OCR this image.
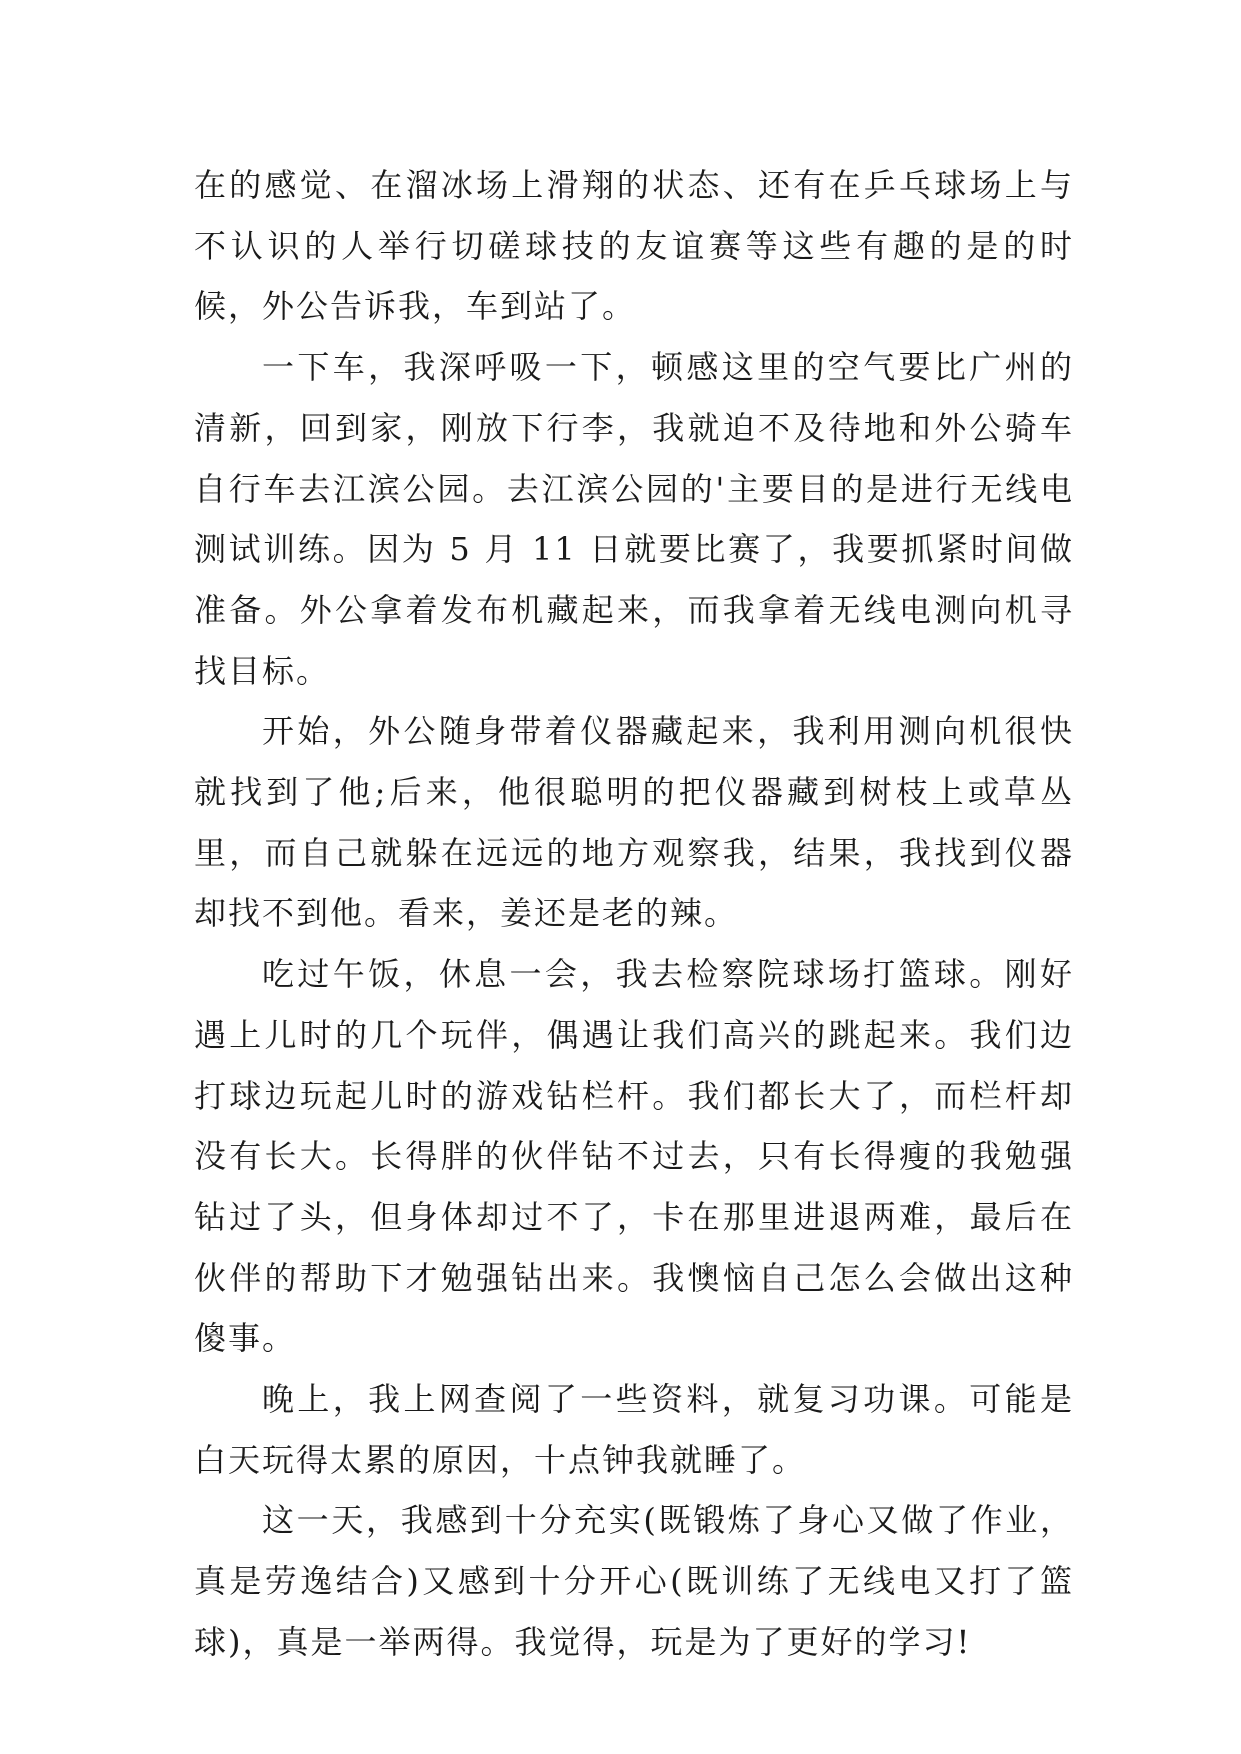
在的感觉、在溜冰场上滑翔的状态、还有在乒乓球场上与不认识的人举行切磋球技的友谊赛等这些有趣的是的时候，外公告诉我，车到站了。

一下车，我深呼吸一下，顿感这里的空气要比广州的清新，回到家，刚放下行李，我就迫不及待地和外公骑车自行车去江滨公园。去江滨公园的'主要目的是进行无线电测试训练。因为 5 月 11 日就要比赛了，我要抓紧时间做准备。外公拿着发布机藏起来，而我拿着无线电测向机寻找目标。

开始，外公随身带着仪器藏起来，我利用测向机很快就找到了他;后来，他很聪明的把仪器藏到树枝上或草丛里，而自己就躲在远远的地方观察我，结果，我找到仪器却找不到他。看来，姜还是老的辣。

吃过午饭，休息一会，我去检察院球场打篮球。刚好遇上儿时的几个玩伴，偶遇让我们高兴的跳起来。我们边打球边玩起儿时的游戏钻栏杆。我们都长大了，而栏杆却没有长大。长得胖的伙伴钻不过去，只有长得瘦的我勉强钻过了头，但身体却过不了，卡在那里进退两难，最后在伙伴的帮助下才勉强钻出来。我懊恼自己怎么会做出这种傻事。

晚上，我上网查阅了一些资料，就复习功课。可能是白天玩得太累的原因，十点钟我就睡了。

这一天，我感到十分充实(既锻炼了身心又做了作业，真是劳逸结合)又感到十分开心(既训练了无线电又打了篮球)，真是一举两得。我觉得，玩是为了更好的学习!
